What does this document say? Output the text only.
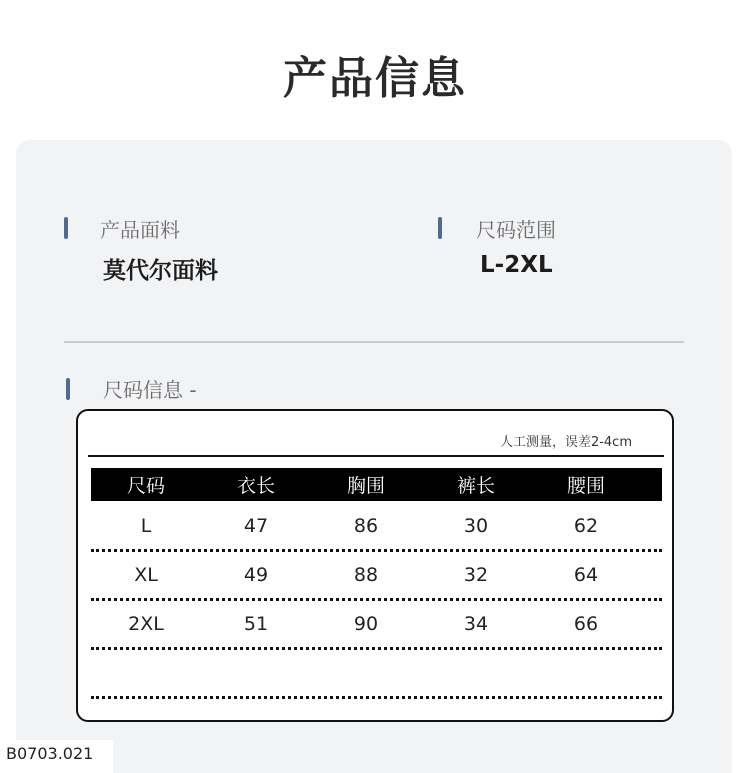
产品信息
产品面料
莫代尔面料
尺码范围
L-2XL
尺码信息 -
人工测量，误差2-4cm
尺码	衣长	胸围	裤长	腰围
L	47	86	30	62
XL	49	88	32	64
2XL	51	90	34	66
B0703.021
